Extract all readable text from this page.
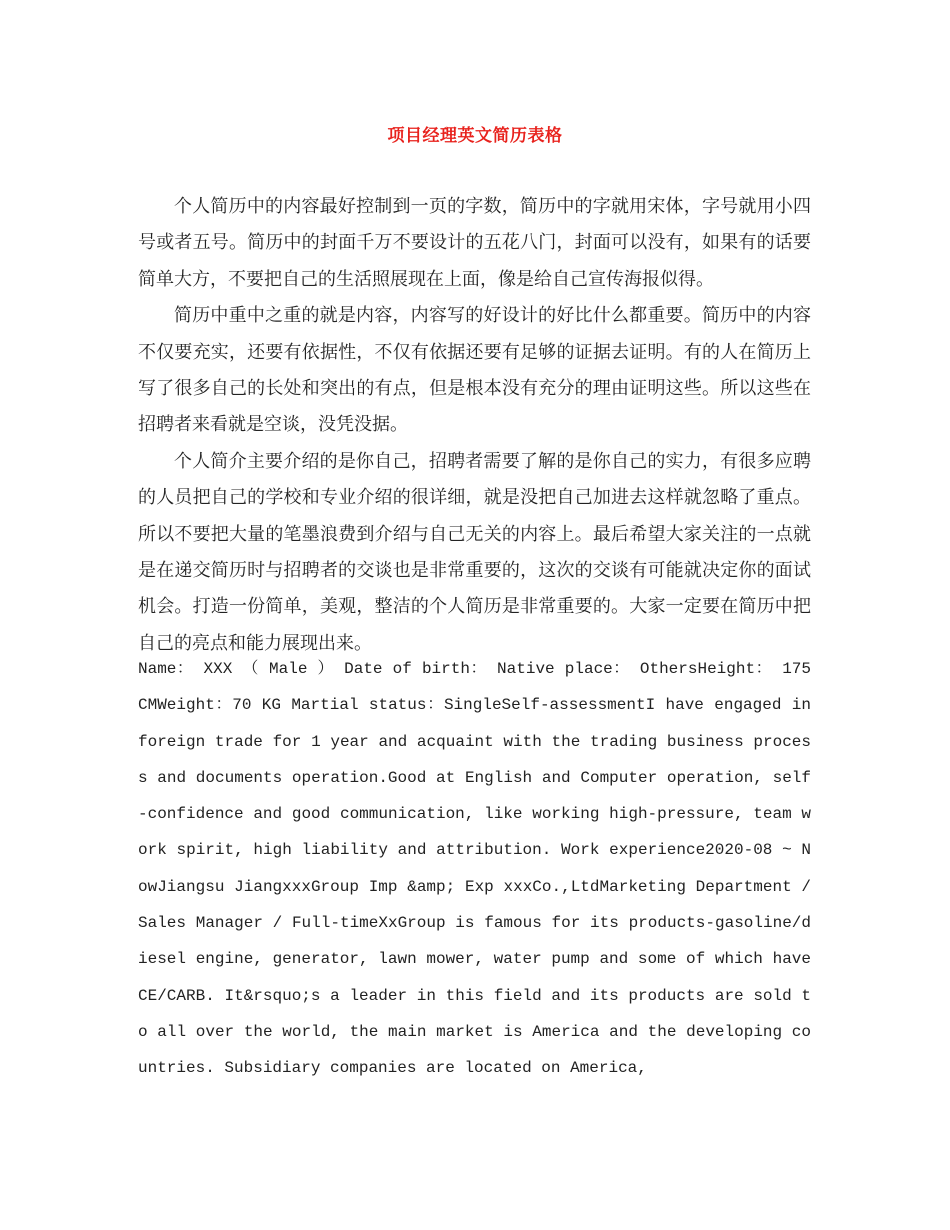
项目经理英文简历表格

个人简历中的内容最好控制到一页的字数，简历中的字就用宋体，字号就用小四号或者五号。简历中的封面千万不要设计的五花八门，封面可以没有，如果有的话要简单大方，不要把自己的生活照展现在上面，像是给自己宣传海报似得。

简历中重中之重的就是内容，内容写的好设计的好比什么都重要。简历中的内容不仅要充实，还要有依据性，不仅有依据还要有足够的证据去证明。有的人在简历上写了很多自己的长处和突出的有点，但是根本没有充分的理由证明这些。所以这些在招聘者来看就是空谈，没凭没据。

个人简介主要介绍的是你自己，招聘者需要了解的是你自己的实力，有很多应聘的人员把自己的学校和专业介绍的很详细，就是没把自己加进去这样就忽略了重点。所以不要把大量的笔墨浪费到介绍与自己无关的内容上。最后希望大家关注的一点就是在递交简历时与招聘者的交谈也是非常重要的，这次的交谈有可能就决定你的面试机会。打造一份简单，美观，整洁的个人简历是非常重要的。大家一定要在简历中把自己的亮点和能力展现出来。

Name： XXX （ Male ） Date of birth： Native place： OthersHeight： 175 CMWeight：70 KG Martial status：SingleSelf-assessmentI have engaged in foreign trade for 1 year and acquaint with the trading business process and documents operation.Good at English and Computer operation, self-confidence and good communication, like working high-pressure, team work spirit, high liability and attribution. Work experience2020-08 ~ NowJiangsu JiangxxxGroup Imp &amp; Exp xxxCo.,LtdMarketing Department / Sales Manager / Full-timeXxGroup is famous for its products-gasoline/diesel engine, generator, lawn mower, water pump and some of which have CE/CARB. It&rsquo;s a leader in this field and its products are sold to all over the world, the main market is America and the developing countries. Subsidiary companies are located on America,
